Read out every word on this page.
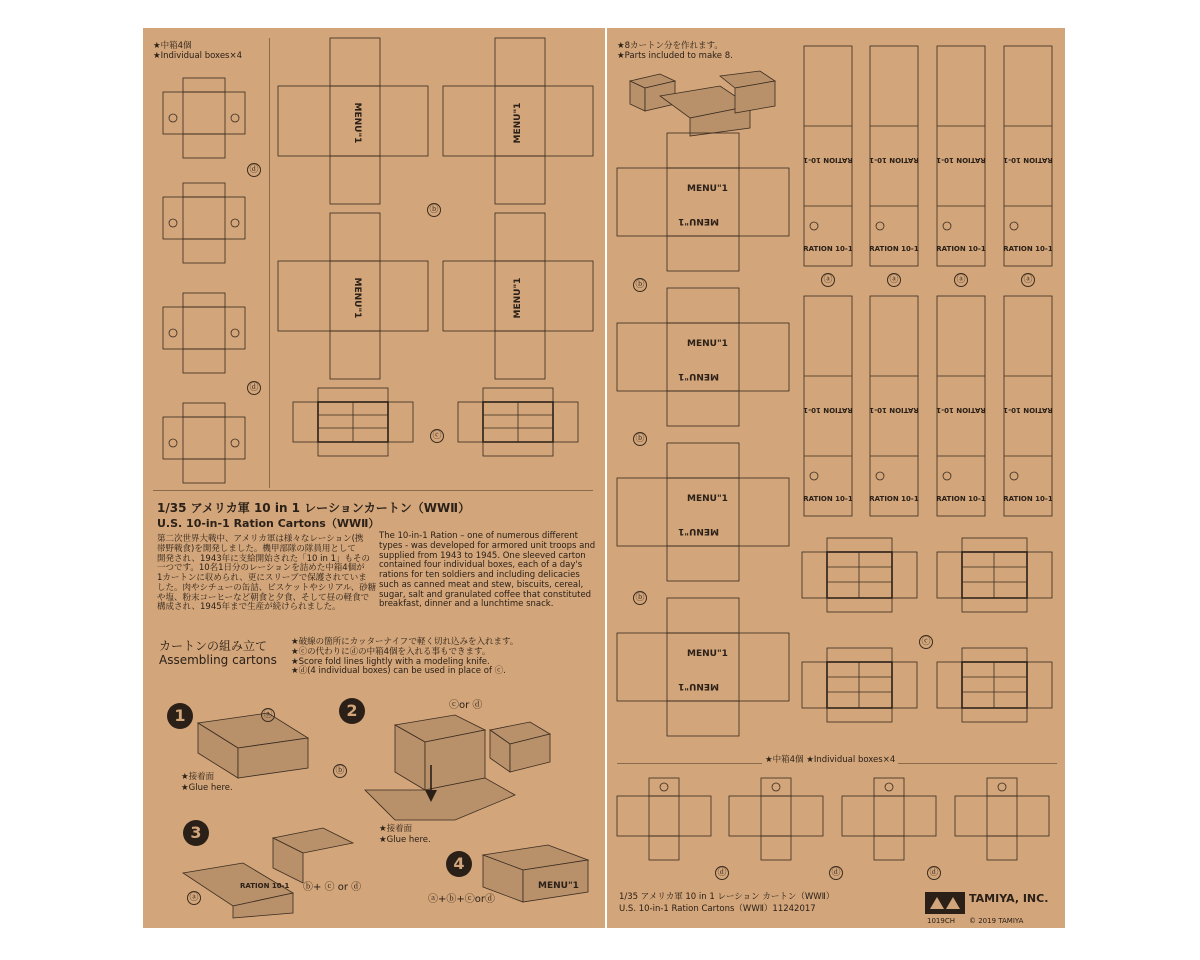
★中箱4個
★Individual boxes×4
ⓓ
ⓓ
MENU"1	MENU"1
MENU"1	MENU"1
ⓑ
ⓒ
1/35 アメリカ軍 10 in 1 レーションカートン（WWⅡ）
U.S. 10-in-1 Ration Cartons（WWⅡ）
第二次世界大戦中、アメリカ軍は様々なレーション(携
帯野戦食)を開発しました。機甲部隊の隊員用として
開発され、1943年に支給開始された「10 in 1」もその
一つです。10名1日分のレーションを詰めた中箱4個が
1カートンに収められ、更にスリーブで保護されていま
した。肉やシチューの缶詰、ビスケットやシリアル、砂糖
や塩、粉末コーヒーなど朝食と夕食、そして昼の軽食で
構成され、1945年まで生産が続けられました。
The 10-in-1 Ration – one of numerous different
types - was developed for armored unit troops and
supplied from 1943 to 1945. One sleeved carton
contained four individual boxes, each of a day's
rations for ten soldiers and including delicacies
such as canned meat and stew, biscuits, cereal,
sugar, salt and granulated coffee that constituted
breakfast, dinner and a lunchtime snack.
カートンの組み立て
Assembling cartons
★破線の箇所にカッターナイフで軽く切れ込みを入れます。
★ⓒの代わりにⓓの中箱4個を入れる事もできます。
★Score fold lines lightly with a modeling knife.
★ⓓ(4 individual boxes) can be used in place of ⓒ.
1	ⓐ
ⓑ
★接着面
★Glue here.
2	ⓒor ⓓ
★接着面
★Glue here.
3
RATION 10-1
ⓐ
ⓑ+ ⓒ or ⓓ
4
MENU"1
ⓐ+ⓑ+ⓒorⓓ
★8カートン分を作れます。
★Parts included to make 8.
MENU"1
MENU"1
MENU"1
MENU"1
MENU"1
MENU"1
MENU"1
MENU"1
ⓑ
ⓑ
ⓑ
RATION 10-1
RATION 10-1
RATION 10-1
RATION 10-1
RATION 10-1
RATION 10-1
RATION 10-1
RATION 10-1
RATION 10-1
RATION 10-1
RATION 10-1
RATION 10-1
RATION 10-1
RATION 10-1
RATION 10-1
RATION 10-1
ⓐ	ⓐ	ⓐ	ⓐ
ⓒ
★中箱4個 ★Individual boxes×4
ⓓ	ⓓ	ⓓ
1/35 アメリカ軍 10 in 1 レーション カートン（WWⅡ）
U.S. 10-in-1 Ration Cartons（WWⅡ）11242017
TAMIYA, INC.
1019CH © 2019 TAMIYA
